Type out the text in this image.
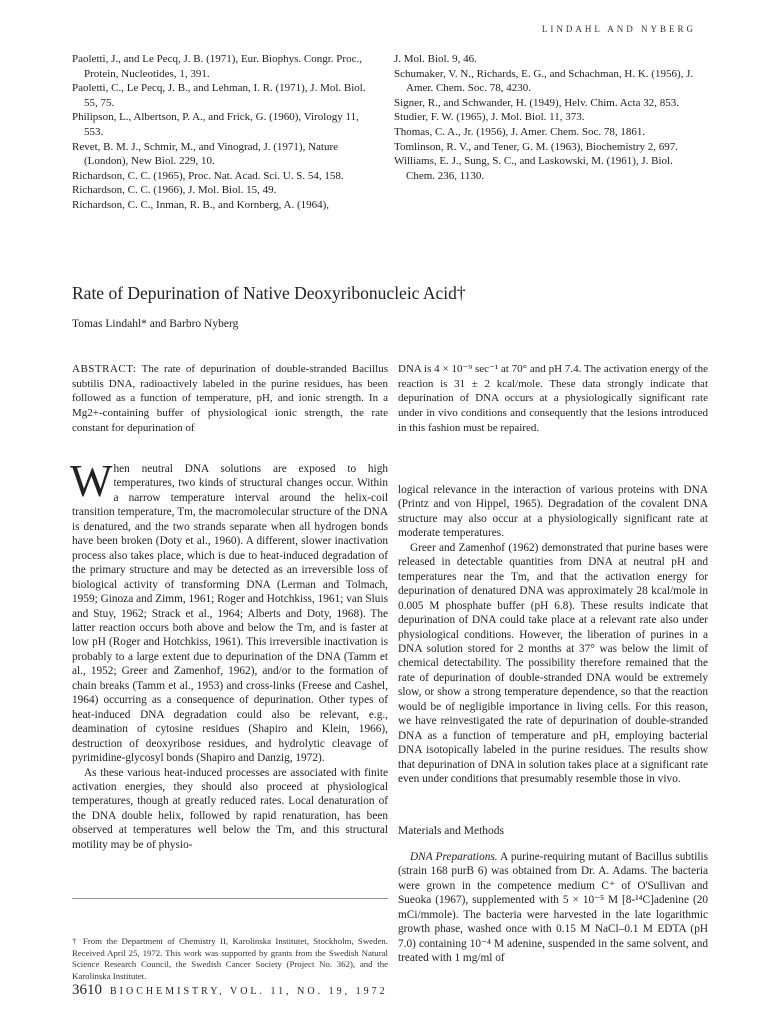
LINDAHL AND NYBERG
Paoletti, J., and Le Pecq, J. B. (1971), Eur. Biophys. Congr. Proc., Protein, Nucleotides, 1, 391.
Paoletti, C., Le Pecq, J. B., and Lehman, I. R. (1971), J. Mol. Biol. 55, 75.
Philipson, L., Albertson, P. A., and Frick, G. (1960), Virology 11, 553.
Revet, B. M. J., Schmir, M., and Vinograd, J. (1971), Nature (London), New Biol. 229, 10.
Richardson, C. C. (1965), Proc. Nat. Acad. Sci. U. S. 54, 158.
Richardson, C. C. (1966), J. Mol. Biol. 15, 49.
Richardson, C. C., Inman, R. B., and Kornberg, A. (1964),
J. Mol. Biol. 9, 46.
Schumaker, V. N., Richards, E. G., and Schachman, H. K. (1956), J. Amer. Chem. Soc. 78, 4230.
Signer, R., and Schwander, H. (1949), Helv. Chim. Acta 32, 853.
Studier, F. W. (1965), J. Mol. Biol. 11, 373.
Thomas, C. A., Jr. (1956), J. Amer. Chem. Soc. 78, 1861.
Tomlinson, R. V., and Tener, G. M. (1963), Biochemistry 2, 697.
Williams, E. J., Sung, S. C., and Laskowski, M. (1961), J. Biol. Chem. 236, 1130.
Rate of Depurination of Native Deoxyribonucleic Acid†
Tomas Lindahl* and Barbro Nyberg
ABSTRACT: The rate of depurination of double-stranded Bacillus subtilis DNA, radioactively labeled in the purine residues, has been followed as a function of temperature, pH, and ionic strength. In a Mg2+-containing buffer of physiological ionic strength, the rate constant for depurination of
DNA is 4 × 10⁻⁹ sec⁻¹ at 70° and pH 7.4. The activation energy of the reaction is 31 ± 2 kcal/mole. These data strongly indicate that depurination of DNA occurs at a physiologically significant rate under in vivo conditions and consequently that the lesions introduced in this fashion must be repaired.
When neutral DNA solutions are exposed to high temperatures, two kinds of structural changes occur. Within a narrow temperature interval around the helix-coil transition temperature, Tm, the macromolecular structure of the DNA is denatured, and the two strands separate when all hydrogen bonds have been broken (Doty et al., 1960). A different, slower inactivation process also takes place, which is due to heat-induced degradation of the primary structure and may be detected as an irreversible loss of biological activity of transforming DNA (Lerman and Tolmach, 1959; Ginoza and Zimm, 1961; Roger and Hotchkiss, 1961; van Sluis and Stuy, 1962; Strack et al., 1964; Alberts and Doty, 1968). The latter reaction occurs both above and below the Tm, and is faster at low pH (Roger and Hotchkiss, 1961). This irreversible inactivation is probably to a large extent due to depurination of the DNA (Tamm et al., 1952; Greer and Zamenhof, 1962), and/or to the formation of chain breaks (Tamm et al., 1953) and cross-links (Freese and Cashel, 1964) occurring as a consequence of depurination. Other types of heat-induced DNA degradation could also be relevant, e.g., deamination of cytosine residues (Shapiro and Klein, 1966), destruction of deoxyribose residues, and hydrolytic cleavage of pyrimidine-glycosyl bonds (Shapiro and Danzig, 1972).
As these various heat-induced processes are associated with finite activation energies, they should also proceed at physiological temperatures, though at greatly reduced rates. Local denaturation of the DNA double helix, followed by rapid renaturation, has been observed at temperatures well below the Tm, and this structural motility may be of physio-
logical relevance in the interaction of various proteins with DNA (Printz and von Hippel, 1965). Degradation of the covalent DNA structure may also occur at a physiologically significant rate at moderate temperatures.
Greer and Zamenhof (1962) demonstrated that purine bases were released in detectable quantities from DNA at neutral pH and temperatures near the Tm, and that the activation energy for depurination of denatured DNA was approximately 28 kcal/mole in 0.005 M phosphate buffer (pH 6.8). These results indicate that depurination of DNA could take place at a relevant rate also under physiological conditions. However, the liberation of purines in a DNA solution stored for 2 months at 37° was below the limit of chemical detectability. The possibility therefore remained that the rate of depurination of double-stranded DNA would be extremely slow, or show a strong temperature dependence, so that the reaction would be of negligible importance in living cells. For this reason, we have reinvestigated the rate of depurination of double-stranded DNA as a function of temperature and pH, employing bacterial DNA isotopically labeled in the purine residues. The results show that depurination of DNA in solution takes place at a significant rate even under conditions that presumably resemble those in vivo.
Materials and Methods
DNA Preparations. A purine-requiring mutant of Bacillus subtilis (strain 168 purB 6) was obtained from Dr. A. Adams. The bacteria were grown in the competence medium C⁺ of O'Sullivan and Sueoka (1967), supplemented with 5 × 10⁻⁵ M [8-¹⁴C]adenine (20 mCi/mmole). The bacteria were harvested in the late logarithmic growth phase, washed once with 0.15 M NaCl–0.1 M EDTA (pH 7.0) containing 10⁻⁴ M adenine, suspended in the same solvent, and treated with 1 mg/ml of
† From the Department of Chemistry II, Karolinska Institutet, Stockholm, Sweden. Received April 25, 1972. This work was supported by grants from the Swedish Natural Science Research Council, the Swedish Cancer Society (Project No. 362), and the Karolinska Institutet.
3610 BIOCHEMISTRY, VOL. 11, NO. 19, 1972
